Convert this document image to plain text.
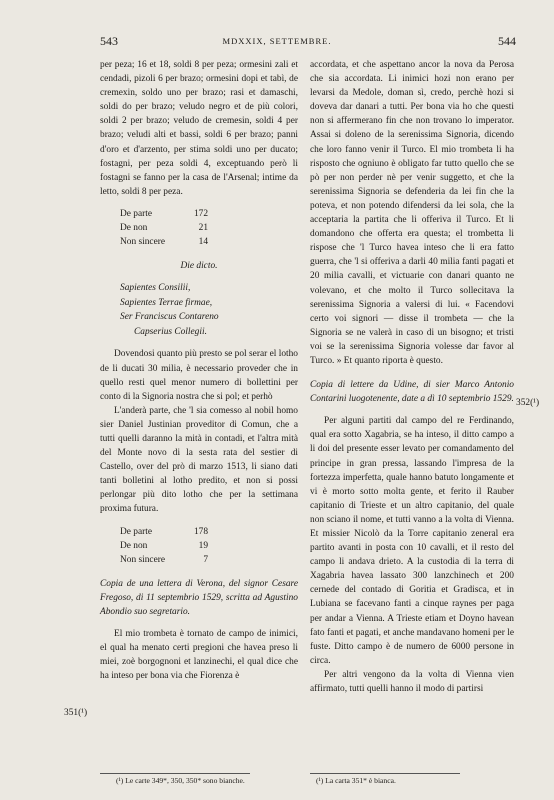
543	MDXXIX, SETTEMBRE.	544

per peza; 16 et 18, soldi 8 per peza; ormesini zali et cendadi, pizoli 6 per brazo; ormesini dopi et tabì, de cremexin, soldo uno per brazo; rasi et damaschi, soldi do per brazo; veludo negro et de più colori, soldi 2 per brazo; veludo de cremesin, soldi 4 per brazo; veludi alti et bassi, soldi 6 per brazo; panni d'oro et d'arzento, per stima soldi uno per ducato; fostagni, per peza soldi 4, exceptuando però li fostagni se fanno per la casa de l'Arsenal; intime da letto, soldi 8 per peza.

De parte	172
De non	21
Non sincere	14

Die dicto.

Sapientes Consilii,
Sapientes Terrae firmae,
Ser Franciscus Contareno
Capserius Collegii.

Dovendosi quanto più presto se pol serar el lotho de li ducati 30 milia, è necessario proveder che in quello resti quel menor numero di bollettini per conto di la Signoria nostra che si pol; et perhò

L'anderà parte, che 'l sia comesso al nobil homo sier Daniel Justinian proveditor di Comun, che a tutti quelli daranno la mità in contadi, et l'altra mità del Monte novo di la sesta rata del sestier di Castello, over del prò di marzo 1513, li siano dati tanti bolletini al lotho predito, et non si possi perlongar più dito lotho che per la settimana proxima futura.

De parte	178
De non	19
Non sincere	7

Copia de una lettera di Verona, del signor Cesare Fregoso, di 11 septembrio 1529, scritta ad Agustino Abondio suo segretario.

El mio trombeta è tornato de campo de inimici, el qual ha menato certi pregioni che havea preso li miei, zoè borgognoni et lanzinechi, el qual dice che ha inteso per bona via che Fiorenza è

351(¹)

accordata, et che aspettano ancor la nova da Perosa che sia accordata. Li inimici hozi non erano per levarsi da Medole, doman sì, credo, perchè hozi si doveva dar danari a tutti. Per bona via ho che questi non si affermerano fin che non trovano lo imperator. Assai si doleno de la serenissima Signoria, dicendo che loro fanno venir il Turco. El mio trombeta li ha risposto che ogniuno è obligato far tutto quello che se pò per non perder nè per venir suggetto, et che la serenissima Signoria se defenderia da lei fin che la poteva, et non potendo difendersi da lei sola, che la acceptaria la partita che li offeriva il Turco. Et li domandono che offerta era questa; el trombetta li rispose che 'l Turco havea inteso che li era fatto guerra, che 'l si offeriva a darli 40 milia fanti pagati et 20 milia cavalli, et victuarie con danari quanto ne volevano, et che molto il Turco sollecitava la serenissima Signoria a valersi di lui. « Facendovi certo voi signori — disse il trombeta — che la Signoria se ne valerà in caso di un bisogno; et tristi voi se la serenissima Signoria volesse dar favor al Turco. » Et quanto riporta è questo.

Copia di lettere da Udine, di sier Marco Antonio Contarini luogotenente, date a dì 10 septembrio 1529.

Per alguni partiti dal campo del re Ferdinando, qual era sotto Xagabria, se ha inteso, il ditto campo a li doi del presente esser levato per comandamento del principe in gran pressa, lassando l'impresa de la fortezza imperfetta, quale hanno batuto longamente et vi è morto sotto molta gente, et ferito il Rauber capitanio di Trieste et un altro capitanio, del quale non sciano il nome, et tutti vanno a la volta di Vienna. Et missier Nicolò da la Torre capitanio zeneral era partito avanti in posta con 10 cavalli, et il resto del campo li andava drieto. A la custodia di la terra di Xagabria havea lassato 300 lanzchinech et 200 cernede del contado di Goritia et Gradisca, et in Lubiana se facevano fanti a cinque raynes per paga per andar a Vienna. A Trieste etiam et Doyno havean fato fanti et pagati, et anche mandavano homeni per le fuste. Ditto campo è de numero de 6000 persone in circa.

Per altri vengono da la volta di Vienna vien affirmato, tutti quelli hanno il modo di partirsi

352(¹)
(¹) Le carte 349*, 350, 350* sono bianche.	(¹) La carta 351* è bianca.
